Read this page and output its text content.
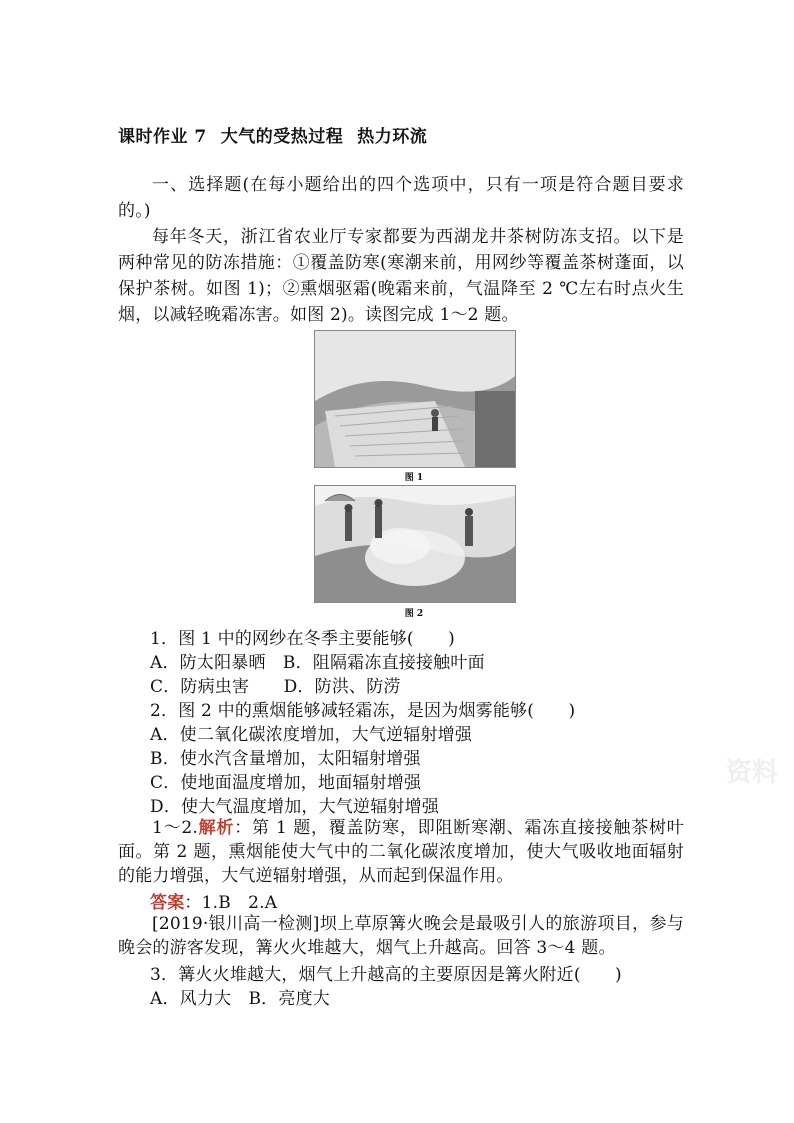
课时作业 7 大气的受热过程 热力环流
一、选择题(在每小题给出的四个选项中，只有一项是符合题目要求的。)
每年冬天，浙江省农业厅专家都要为西湖龙井茶树防冻支招。以下是两种常见的防冻措施：①覆盖防寒(寒潮来前，用网纱等覆盖茶树蓬面，以保护茶树。如图 1)；②熏烟驱霜(晚霜来前，气温降至 2 ℃左右时点火生烟，以减轻晚霜冻害。如图 2)。读图完成 1～2 题。
图 1
图 2
1．图 1 中的网纱在冬季主要能够(　　)
A．防太阳暴晒　B．阻隔霜冻直接接触叶面
C．防病虫害　　D．防洪、防涝
2．图 2 中的熏烟能够减轻霜冻，是因为烟雾能够(　　)
A．使二氧化碳浓度增加，大气逆辐射增强
B．使水汽含量增加，太阳辐射增强
C．使地面温度增加，地面辐射增强
D．使大气温度增加，大气逆辐射增强
1～2.解析：第 1 题，覆盖防寒，即阻断寒潮、霜冻直接接触茶树叶面。第 2 题，熏烟能使大气中的二氧化碳浓度增加，使大气吸收地面辐射的能力增强，大气逆辐射增强，从而起到保温作用。
答案：1.B　2.A
[2019·银川高一检测]坝上草原篝火晚会是最吸引人的旅游项目，参与晚会的游客发现，篝火火堆越大，烟气上升越高。回答 3～4 题。
3．篝火火堆越大，烟气上升越高的主要原因是篝火附近(　　)
A．风力大　B．亮度大
资料
